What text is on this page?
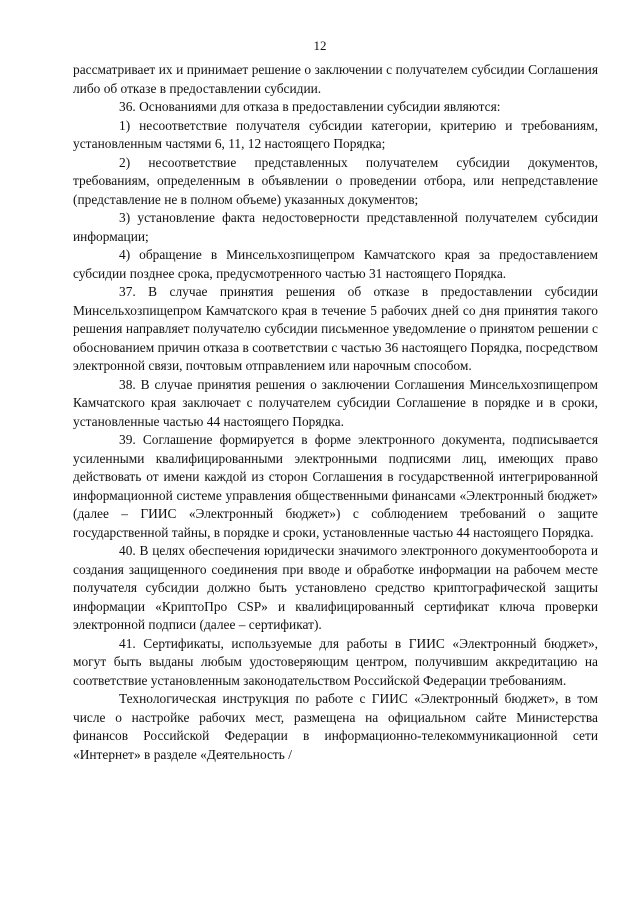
12

рассматривает их и принимает решение о заключении с получателем субсидии Соглашения либо об отказе в предоставлении субсидии.

36. Основаниями для отказа в предоставлении субсидии являются:

1) несоответствие получателя субсидии категории, критерию и требованиям, установленным частями 6, 11, 12 настоящего Порядка;

2) несоответствие представленных получателем субсидии документов, требованиям, определенным в объявлении о проведении отбора, или непредставление (представление не в полном объеме) указанных документов;

3) установление факта недостоверности представленной получателем субсидии информации;

4) обращение в Минсельхозпищепром Камчатского края за предоставлением субсидии позднее срока, предусмотренного частью 31 настоящего Порядка.

37. В случае принятия решения об отказе в предоставлении субсидии Минсельхозпищепром Камчатского края в течение 5 рабочих дней со дня принятия такого решения направляет получателю субсидии письменное уведомление о принятом решении с обоснованием причин отказа в соответствии с частью 36 настоящего Порядка, посредством электронной связи, почтовым отправлением или нарочным способом.

38. В случае принятия решения о заключении Соглашения Минсельхозпищепром Камчатского края заключает с получателем субсидии Соглашение в порядке и в сроки, установленные частью 44 настоящего Порядка.

39. Соглашение формируется в форме электронного документа, подписывается усиленными квалифицированными электронными подписями лиц, имеющих право действовать от имени каждой из сторон Соглашения в государственной интегрированной информационной системе управления общественными финансами «Электронный бюджет» (далее – ГИИС «Электронный бюджет») с соблюдением требований о защите государственной тайны, в порядке и сроки, установленные частью 44 настоящего Порядка.

40. В целях обеспечения юридически значимого электронного документооборота и создания защищенного соединения при вводе и обработке информации на рабочем месте получателя субсидии должно быть установлено средство криптографической защиты информации «КриптоПро CSP» и квалифицированный сертификат ключа проверки электронной подписи (далее – сертификат).

41. Сертификаты, используемые для работы в ГИИС «Электронный бюджет», могут быть выданы любым удостоверяющим центром, получившим аккредитацию на соответствие установленным законодательством Российской Федерации требованиям.

Технологическая инструкция по работе с ГИИС «Электронный бюджет», в том числе о настройке рабочих мест, размещена на официальном сайте Министерства финансов Российской Федерации в информационно-телекоммуникационной сети «Интернет» в разделе «Деятельность /
